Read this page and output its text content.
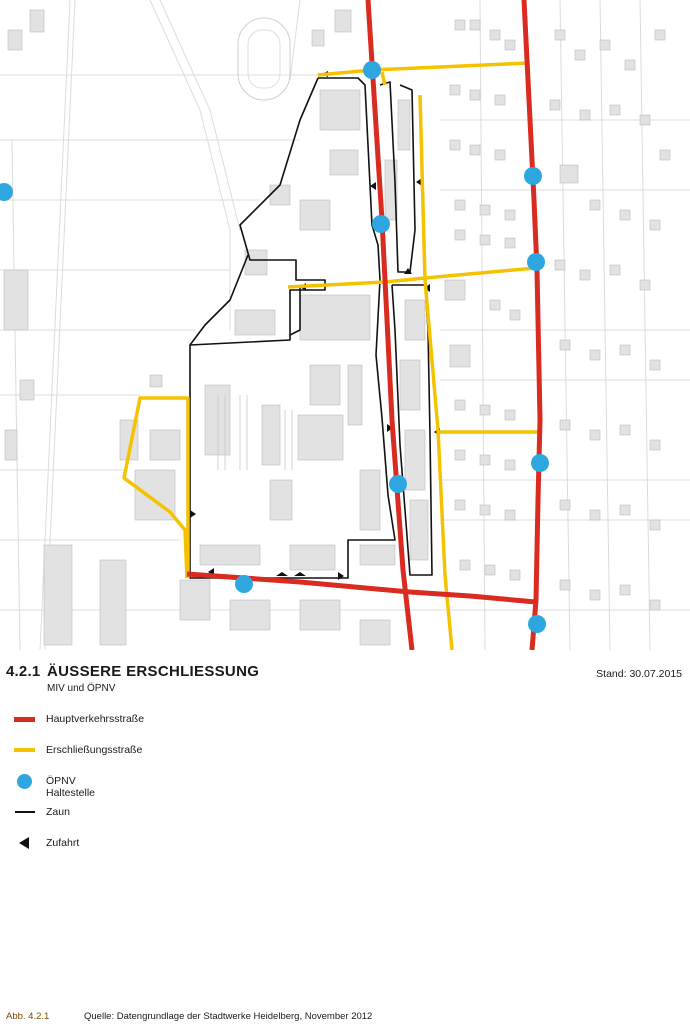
4.2.1 ÄUSSERE ERSCHLIESSUNG
MIV und ÖPNV
Stand: 30.07.2015
Hauptverkehrsstraße
Erschließungsstraße
ÖPNV Haltestelle
Zaun
Zufahrt
Abb. 4.2.1	Quelle: Datengrundlage der Stadtwerke Heidelberg, November 2012
